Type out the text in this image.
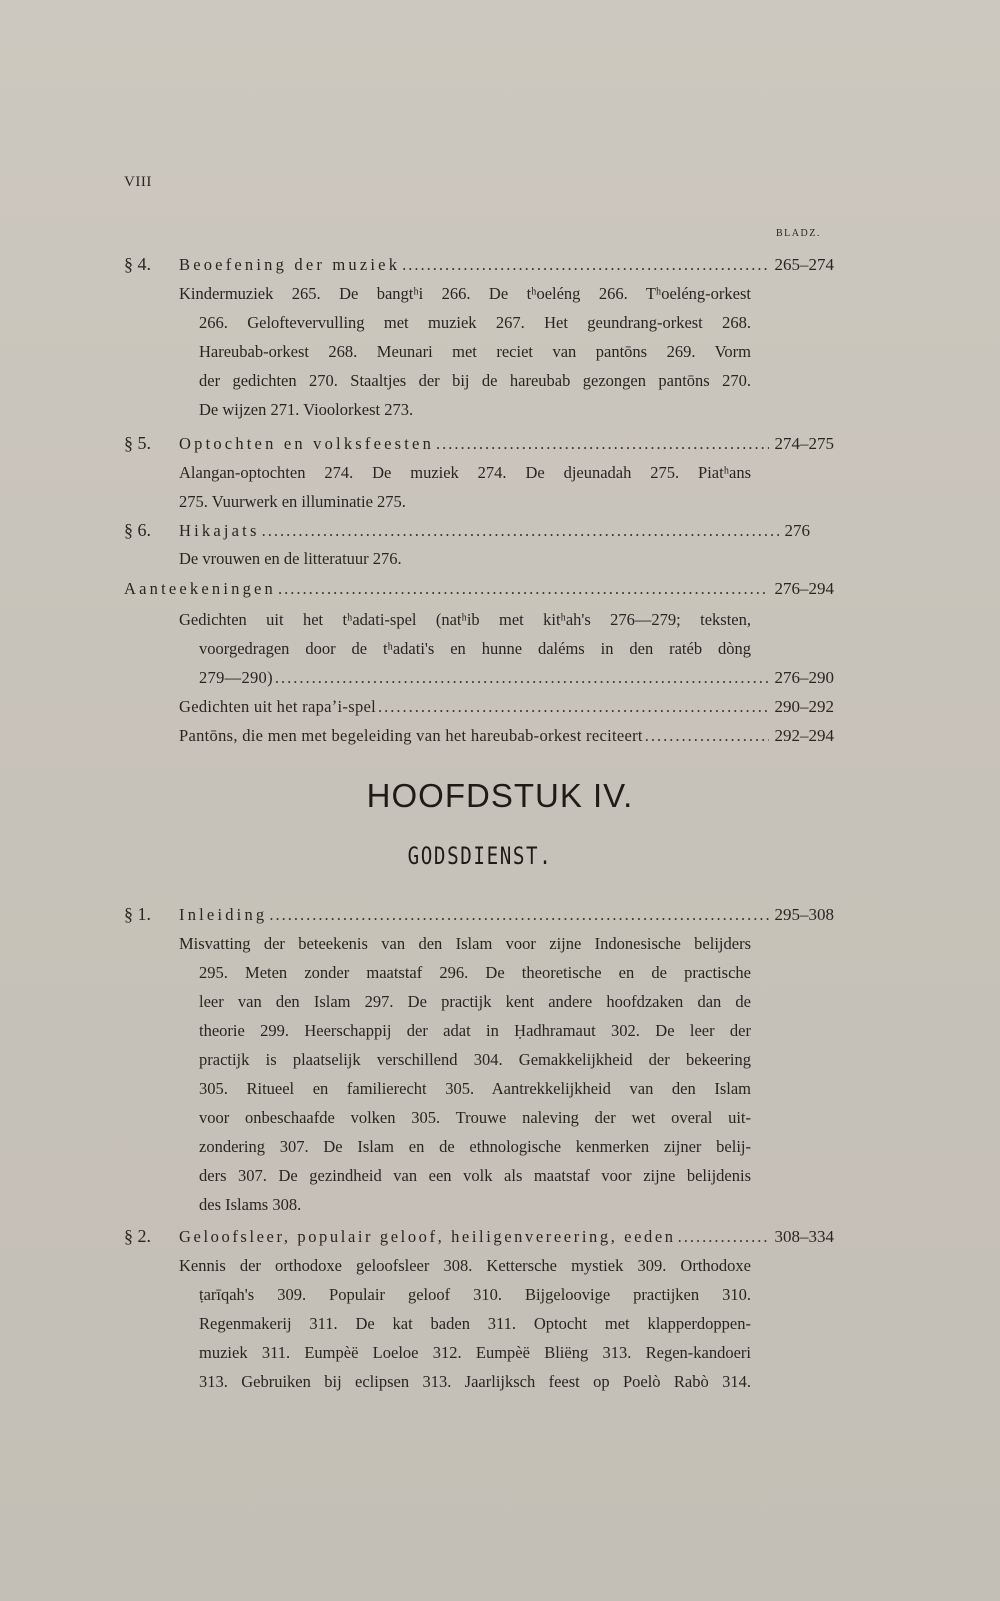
VIII
BLADZ.
§ 4.	Beoefening der muziek .....	265–274
Kindermuziek 265. De bangtʰi 266. De tʰoeléng 266. Tʰoeléng-orkest
266. Geloftevervulling met muziek 267. Het geundrang-orkest 268.
Hareubab-orkest 268. Meunari met reciet van pantōns 269. Vorm
der gedichten 270. Staaltjes der bij de hareubab gezongen pantōns 270.
De wijzen 271. Vioolorkest 273.
§ 5.	Optochten en volksfeesten .....	274–275
Alangan-optochten 274. De muziek 274. De djeunadah 275. Piatʰans
275. Vuurwerk en illuminatie 275.
§ 6.	Hikajats .....	276
De vrouwen en de litteratuur 276.
Aanteekeningen .....	276–294
Gedichten uit het tʰadati-spel (natʰib met kitʰah's 276—279; teksten,
voorgedragen door de tʰadati's en hunne daléms in den ratéb dòng
279—290) .....	276–290
Gedichten uit het rapaʼi-spel .....	290–292
Pantōns, die men met begeleiding van het hareubab-orkest reciteert .....	292–294
HOOFDSTUK IV.
GODSDIENST.
§ 1.	Inleiding .....	295–308
Misvatting der beteekenis van den Islam voor zijne Indonesische belijders
295. Meten zonder maatstaf 296. De theoretische en de practische
leer van den Islam 297. De practijk kent andere hoofdzaken dan de
theorie 299. Heerschappij der adat in Ḥadhramaut 302. De leer der
practijk is plaatselijk verschillend 304. Gemakkelijkheid der bekeering
305. Ritueel en familierecht 305. Aantrekkelijkheid van den Islam
voor onbeschaafde volken 305. Trouwe naleving der wet overal uit-
zondering 307. De Islam en de ethnologische kenmerken zijner belij-
ders 307. De gezindheid van een volk als maatstaf voor zijne belijdenis
des Islams 308.
§ 2.	Geloofsleer, populair geloof, heiligenvereering, eeden .....	308–334
Kennis der orthodoxe geloofsleer 308. Kettersche mystiek 309. Orthodoxe
ṭarīqah's 309. Populair geloof 310. Bijgeloovige practijken 310.
Regenmakerij 311. De kat baden 311. Optocht met klapperdoppen-
muziek 311. Eumpèë Loeloe 312. Eumpèë Bliëng 313. Regen-kandoeri
313. Gebruiken bij eclipsen 313. Jaarlijksch feest op Poelò Rabò 314.
